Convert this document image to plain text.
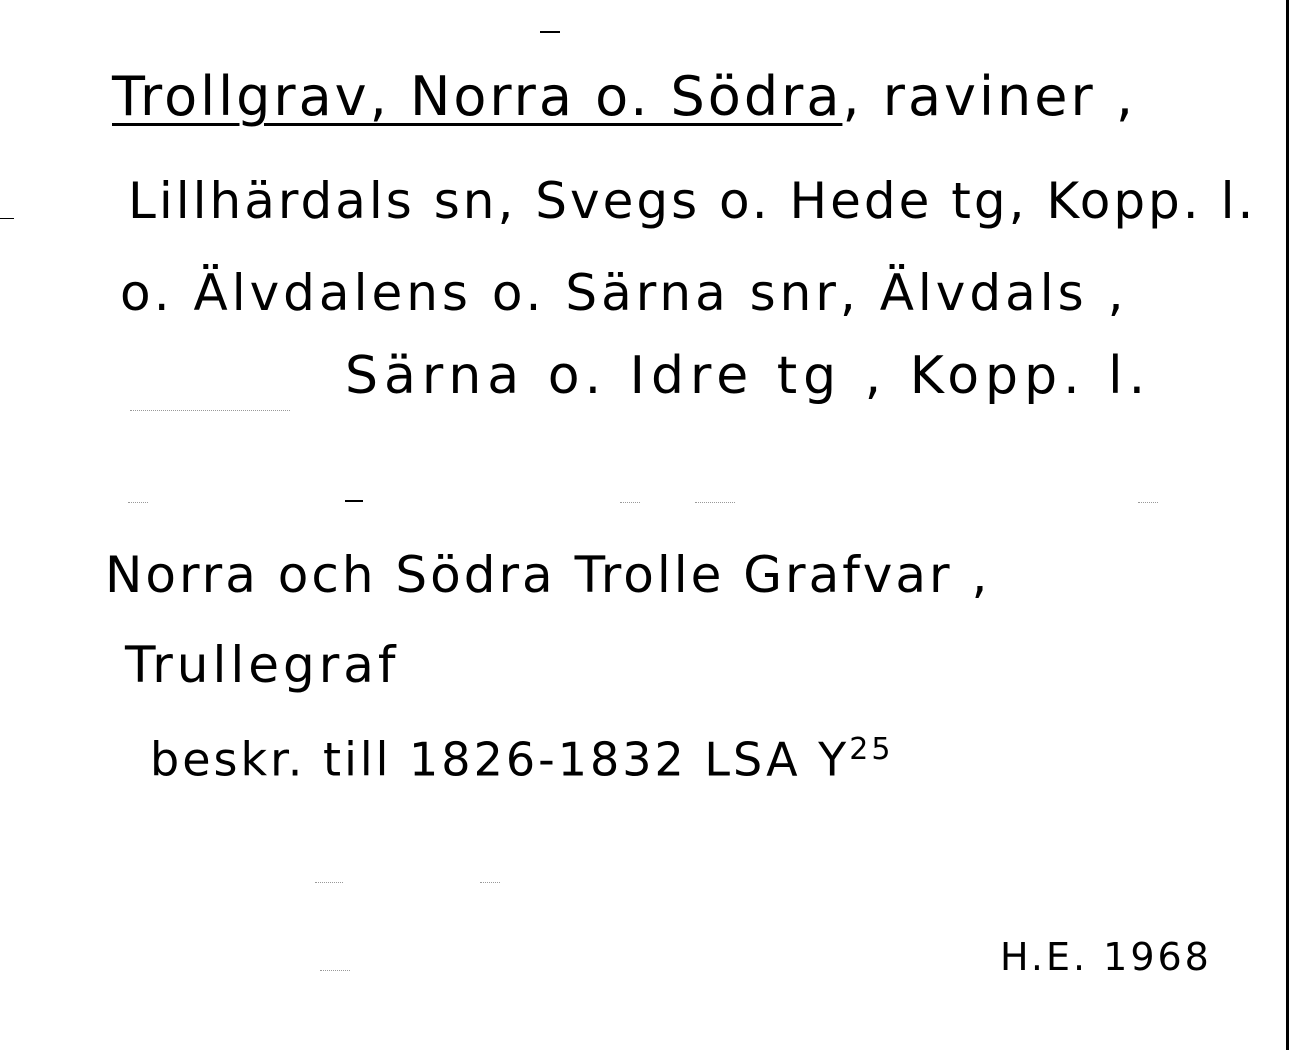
Trollgrav, Norra o. Södra, raviner ,
Lillhärdals sn, Svegs o. Hede tg, Kopp. l.
o. Älvdalens o. Särna snr, Älvdals ,
Särna o. Idre tg , Kopp. l.
Norra och Södra Trolle Grafvar ,
Trullegraf
beskr. till 1826-1832 LSA $Y^{25}$
H.E. 1968
